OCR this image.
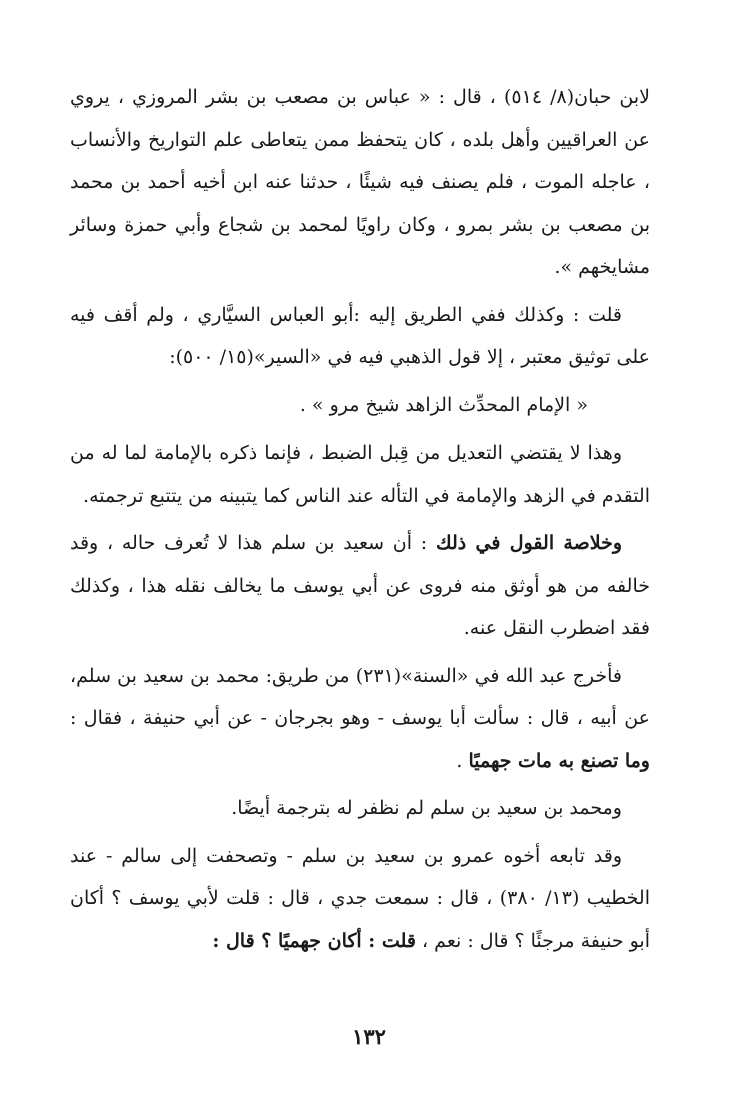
لابن حبان(٨/ ٥١٤) ، قال : « عباس بن مصعب بن بشر المروزي ، يروي عن العراقيين وأهل بلده ، كان يتحفظ ممن يتعاطى علم التواريخ والأنساب ، عاجله الموت ، فلم يصنف فيه شيئًا ، حدثنا عنه ابن أخيه أحمد بن محمد بن مصعب بن بشر بمرو ، وكان راويًا لمحمد بن شجاع وأبي حمزة وسائر مشايخهم ».

قلت : وكذلك ففي الطريق إليه :أبو العباس السيَّاري ، ولم أقف فيه على توثيق معتبر ، إلا قول الذهبي فيه في «السير»(١٥/ ٥٠٠):

« الإمام المحدِّث الزاهد شيخ مرو » .

وهذا لا يقتضي التعديل من قِبل الضبط ، فإنما ذكره بالإمامة لما له من التقدم في الزهد والإمامة في التأله عند الناس كما يتبينه من يتتبع ترجمته.

وخلاصة القول في ذلك : أن سعيد بن سلم هذا لا تُعرف حاله ، وقد خالفه من هو أوثق منه فروى عن أبي يوسف ما يخالف نقله هذا ، وكذلك فقد اضطرب النقل عنه.

فأخرج عبد الله في «السنة»(٢٣١) من طريق: محمد بن سعيد بن سلم، عن أبيه ، قال : سألت أبا يوسف - وهو بجرجان - عن أبي حنيفة ، فقال : وما تصنع به مات جهميًا .

ومحمد بن سعيد بن سلم لم نظفر له بترجمة أيضًا.

وقد تابعه أخوه عمرو بن سعيد بن سلم - وتصحفت إلى سالم - عند الخطيب (١٣/ ٣٨٠) ، قال : سمعت جدي ، قال : قلت لأبي يوسف ؟ أكان أبو حنيفة مرجئًا ؟ قال : نعم ، قلت : أكان جهميًا ؟ قال :

١٣٢
